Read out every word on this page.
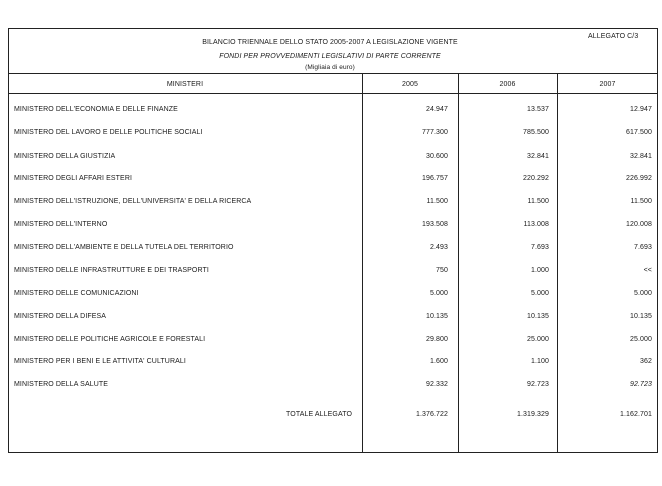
ALLEGATO C/3
BILANCIO TRIENNALE DELLO STATO 2005-2007 A LEGISLAZIONE VIGENTE
FONDI PER PROVVEDIMENTI LEGISLATIVI DI PARTE CORRENTE
(Migliaia di euro)
MINISTERI	2005	2006	2007
MINISTERO DELL'ECONOMIA E DELLE FINANZE	24.947	13.537	12.947
MINISTERO DEL LAVORO E DELLE POLITICHE SOCIALI	777.300	785.500	617.500
MINISTERO DELLA GIUSTIZIA	30.600	32.841	32.841
MINISTERO DEGLI AFFARI ESTERI	196.757	220.292	226.992
MINISTERO DELL'ISTRUZIONE, DELL'UNIVERSITA' E DELLA RICERCA	11.500	11.500	11.500
MINISTERO DELL'INTERNO	193.508	113.008	120.008
MINISTERO DELL'AMBIENTE E DELLA TUTELA DEL TERRITORIO	2.493	7.693	7.693
MINISTERO DELLE INFRASTRUTTURE E DEI TRASPORTI	750	1.000	<<
MINISTERO DELLE COMUNICAZIONI	5.000	5.000	5.000
MINISTERO DELLA DIFESA	10.135	10.135	10.135
MINISTERO DELLE POLITICHE AGRICOLE E FORESTALI	29.800	25.000	25.000
MINISTERO PER I BENI E LE ATTIVITA' CULTURALI	1.600	1.100	362
MINISTERO DELLA SALUTE	92.332	92.723	92.723
TOTALE ALLEGATO	1.376.722	1.319.329	1.162.701
